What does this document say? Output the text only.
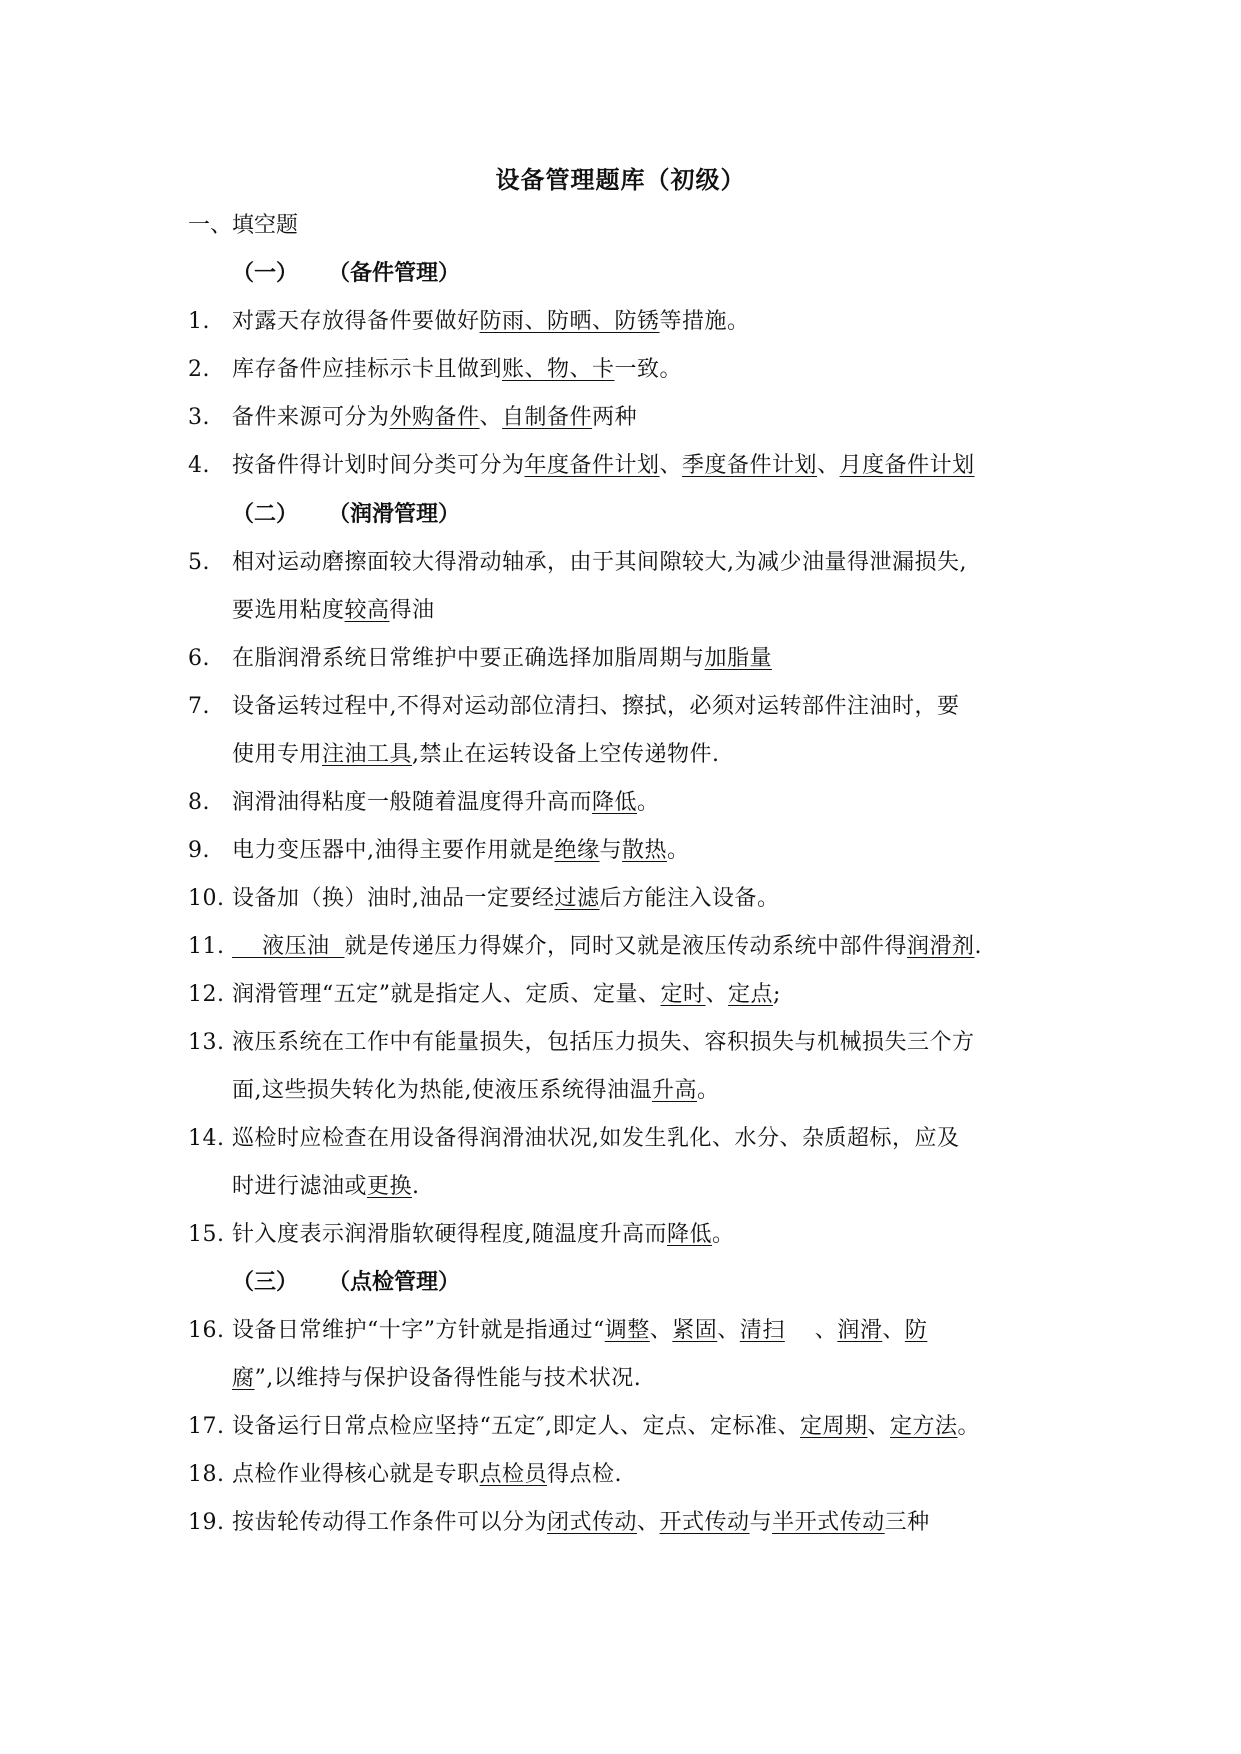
设备管理题库（初级）
一、填空题
（一） （备件管理）
1. 对露天存放得备件要做好防雨、防晒、防锈等措施。
2. 库存备件应挂标示卡且做到账、物、卡一致。
3. 备件来源可分为外购备件、自制备件两种
4. 按备件得计划时间分类可分为年度备件计划、季度备件计划、月度备件计划
（二） （润滑管理）
5. 相对运动磨擦面较大得滑动轴承，由于其间隙较大,为减少油量得泄漏损失,
要选用粘度较高得油
6. 在脂润滑系统日常维护中要正确选择加脂周期与加脂量
7. 设备运转过程中,不得对运动部位清扫、擦拭，必须对运转部件注油时，要
使用专用注油工具,禁止在运转设备上空传递物件.
8. 润滑油得粘度一般随着温度得升高而降低。
9. 电力变压器中,油得主要作用就是绝缘与散热。
10. 设备加（换）油时,油品一定要经过滤后方能注入设备。
11.    液压油  就是传递压力得媒介，同时又就是液压传动系统中部件得润滑剂.
12. 润滑管理“五定”就是指定人、定质、定量、定时、定点;
13. 液压系统在工作中有能量损失，包括压力损失、容积损失与机械损失三个方
面,这些损失转化为热能,使液压系统得油温升高。
14. 巡检时应检查在用设备得润滑油状况,如发生乳化、水分、杂质超标，应及
时进行滤油或更换.
15. 针入度表示润滑脂软硬得程度,随温度升高而降低。
（三） （点检管理）
16. 设备日常维护“十字”方针就是指通过“调整、紧固、清扫    、润滑、防
腐”,以维持与保护设备得性能与技术状况.
17. 设备运行日常点检应坚持“五定″,即定人、定点、定标准、定周期、定方法。
18. 点检作业得核心就是专职点检员得点检.
19. 按齿轮传动得工作条件可以分为闭式传动、开式传动与半开式传动三种
